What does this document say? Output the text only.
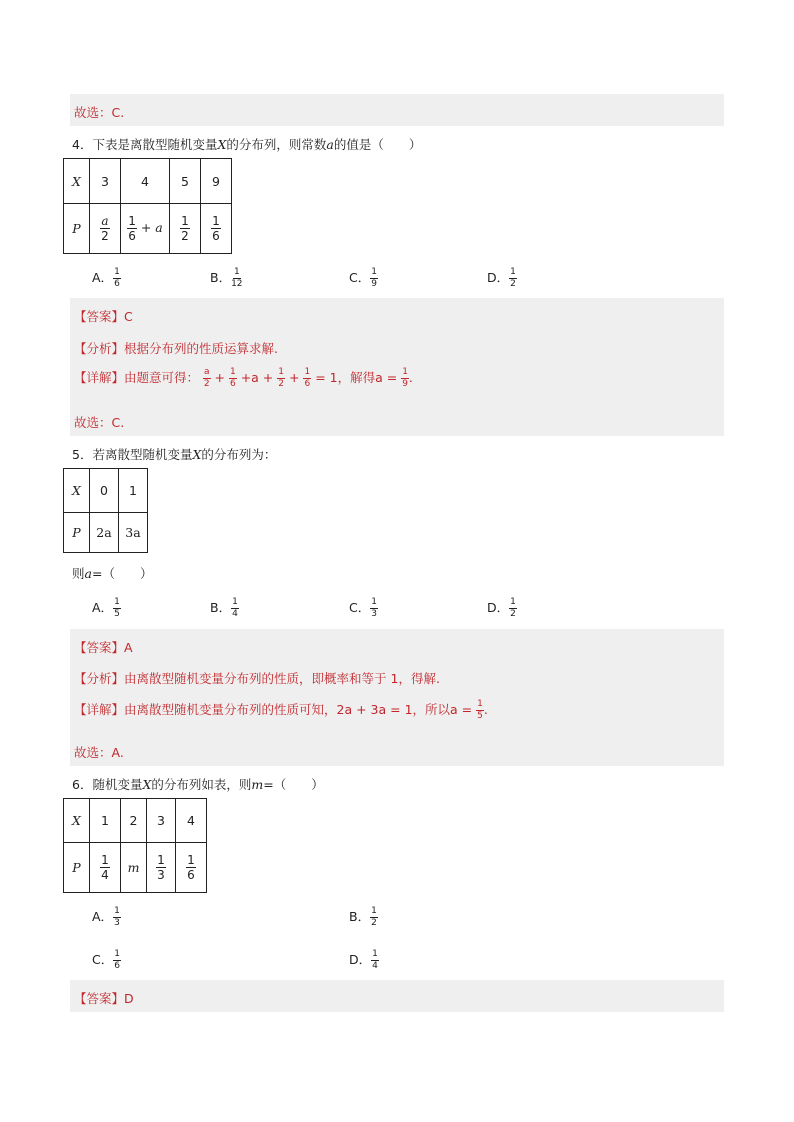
故选：C.
4．下表是离散型随机变量X的分布列，则常数a的值是（　　）
X	3	4	5	9
P	$\frac{a}{2}$	$\frac{1}{6} + a$	$\frac{1}{2}$	$\frac{1}{6}$
A． $\frac{1}{6}$	B． $\frac{1}{12}$	C． $\frac{1}{9}$	D． $\frac{1}{2}$
【答案】C
【分析】根据分布列的性质运算求解.
【详解】由题意可得： $\frac{a}{2} + \frac{1}{6} +a + \frac{1}{2} + \frac{1}{6} = 1$，解得$a = \frac{1}{9}$ .
故选：C.
5．若离散型随机变量X的分布列为：
X	0	1
P	2a	3a
则a=（　　）
A． $\frac{1}{5}$	B． $\frac{1}{4}$	C． $\frac{1}{3}$	D． $\frac{1}{2}$
【答案】A
【分析】由离散型随机变量分布列的性质，即概率和等于 1，得解.
【详解】由离散型随机变量分布列的性质可知，2a + 3a = 1，所以$a = \frac{1}{5}$ .
故选：A.
6．随机变量X的分布列如表，则m=（　　）
X	1	2	3	4
P	$\frac{1}{4}$	m	$\frac{1}{3}$	$\frac{1}{6}$
A． $\frac{1}{3}$	B． $\frac{1}{2}$
C． $\frac{1}{6}$	D． $\frac{1}{4}$
【答案】D
